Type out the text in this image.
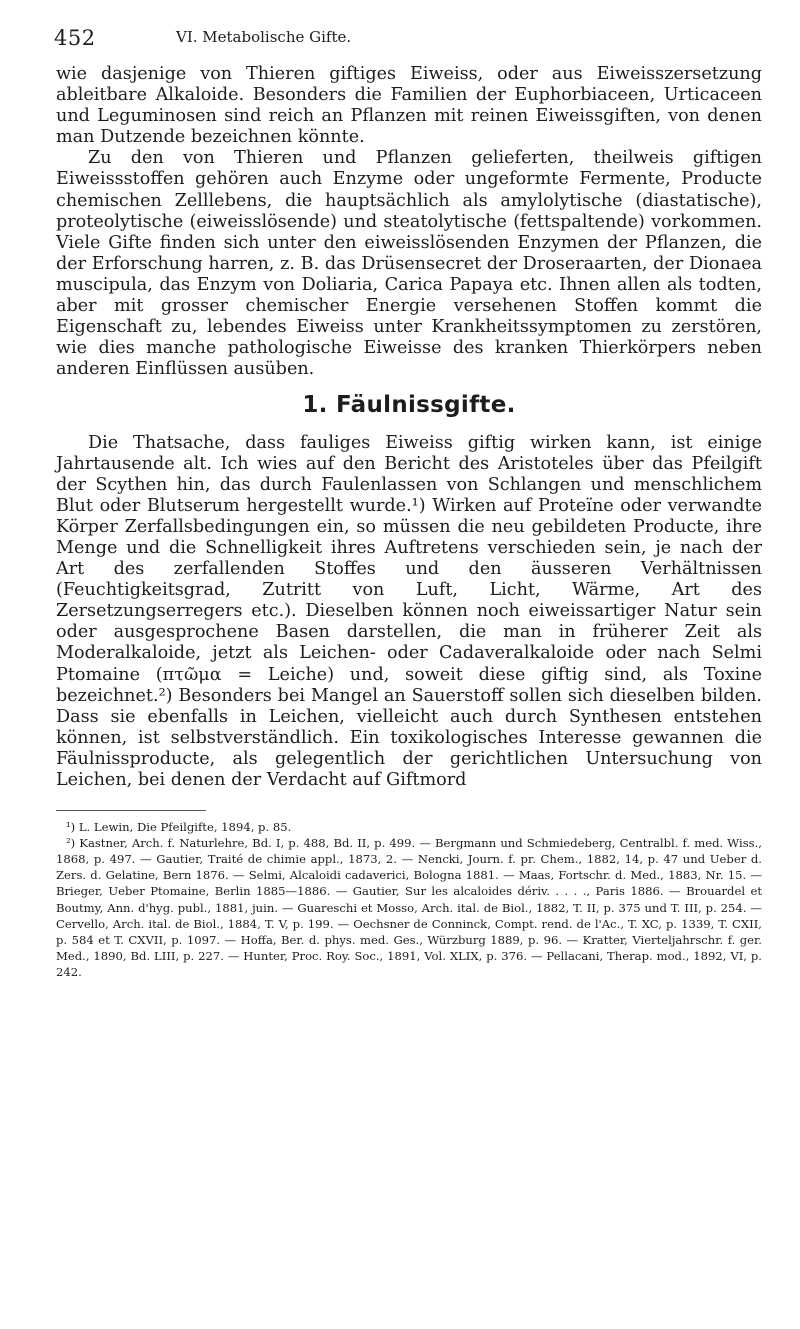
452	VI. Metabolische Gifte.

wie dasjenige von Thieren giftiges Eiweiss, oder aus Eiweisszersetzung ableitbare Alkaloide. Besonders die Familien der Euphorbiaceen, Urticaceen und Leguminosen sind reich an Pflanzen mit reinen Eiweissgiften, von denen man Dutzende bezeichnen könnte.

Zu den von Thieren und Pflanzen gelieferten, theilweis giftigen Eiweissstoffen gehören auch Enzyme oder ungeformte Fermente, Producte chemischen Zelllebens, die hauptsächlich als amylolytische (diastatische), proteolytische (eiweisslösende) und steatolytische (fettspaltende) vorkommen. Viele Gifte finden sich unter den eiweisslösenden Enzymen der Pflanzen, die der Erforschung harren, z. B. das Drüsensecret der Droseraarten, der Dionaea muscipula, das Enzym von Doliaria, Carica Papaya etc. Ihnen allen als todten, aber mit grosser chemischer Energie versehenen Stoffen kommt die Eigenschaft zu, lebendes Eiweiss unter Krankheitssymptomen zu zerstören, wie dies manche pathologische Eiweisse des kranken Thierkörpers neben anderen Einflüssen ausüben.

1. Fäulnissgifte.

Die Thatsache, dass fauliges Eiweiss giftig wirken kann, ist einige Jahrtausende alt. Ich wies auf den Bericht des Aristoteles über das Pfeilgift der Scythen hin, das durch Faulenlassen von Schlangen und menschlichem Blut oder Blutserum hergestellt wurde.¹) Wirken auf Proteïne oder verwandte Körper Zerfallsbedingungen ein, so müssen die neu gebildeten Producte, ihre Menge und die Schnelligkeit ihres Auftretens verschieden sein, je nach der Art des zerfallenden Stoffes und den äusseren Verhältnissen (Feuchtigkeitsgrad, Zutritt von Luft, Licht, Wärme, Art des Zersetzungserregers etc.). Dieselben können noch eiweissartiger Natur sein oder ausgesprochene Basen darstellen, die man in früherer Zeit als Moderalkaloide, jetzt als Leichen- oder Cadaveralkaloide oder nach Selmi Ptomaine (πτῶμα = Leiche) und, soweit diese giftig sind, als Toxine bezeichnet.²) Besonders bei Mangel an Sauerstoff sollen sich dieselben bilden. Dass sie ebenfalls in Leichen, vielleicht auch durch Synthesen entstehen können, ist selbstverständlich. Ein toxikologisches Interesse gewannen die Fäulnissproducte, als gelegentlich der gerichtlichen Untersuchung von Leichen, bei denen der Verdacht auf Giftmord

¹) L. Lewin, Die Pfeilgifte, 1894, p. 85.

²) Kastner, Arch. f. Naturlehre, Bd. I, p. 488, Bd. II, p. 499. — Bergmann und Schmiedeberg, Centralbl. f. med. Wiss., 1868, p. 497. — Gautier, Traité de chimie appl., 1873, 2. — Nencki, Journ. f. pr. Chem., 1882, 14, p. 47 und Ueber d. Zers. d. Gelatine, Bern 1876. — Selmi, Alcaloidi cadaverici, Bologna 1881. — Maas, Fortschr. d. Med., 1883, Nr. 15. — Brieger, Ueber Ptomaine, Berlin 1885—1886. — Gautier, Sur les alcaloides dériv. . . . ., Paris 1886. — Brouardel et Boutmy, Ann. d'hyg. publ., 1881, juin. — Guareschi et Mosso, Arch. ital. de Biol., 1882, T. II, p. 375 und T. III, p. 254. — Cervello, Arch. ital. de Biol., 1884, T. V, p. 199. — Oechsner de Conninck, Compt. rend. de l'Ac., T. XC, p. 1339, T. CXII, p. 584 et T. CXVII, p. 1097. — Hoffa, Ber. d. phys. med. Ges., Würzburg 1889, p. 96. — Kratter, Vierteljahrschr. f. ger. Med., 1890, Bd. LIII, p. 227. — Hunter, Proc. Roy. Soc., 1891, Vol. XLIX, p. 376. — Pellacani, Therap. mod., 1892, VI, p. 242.
